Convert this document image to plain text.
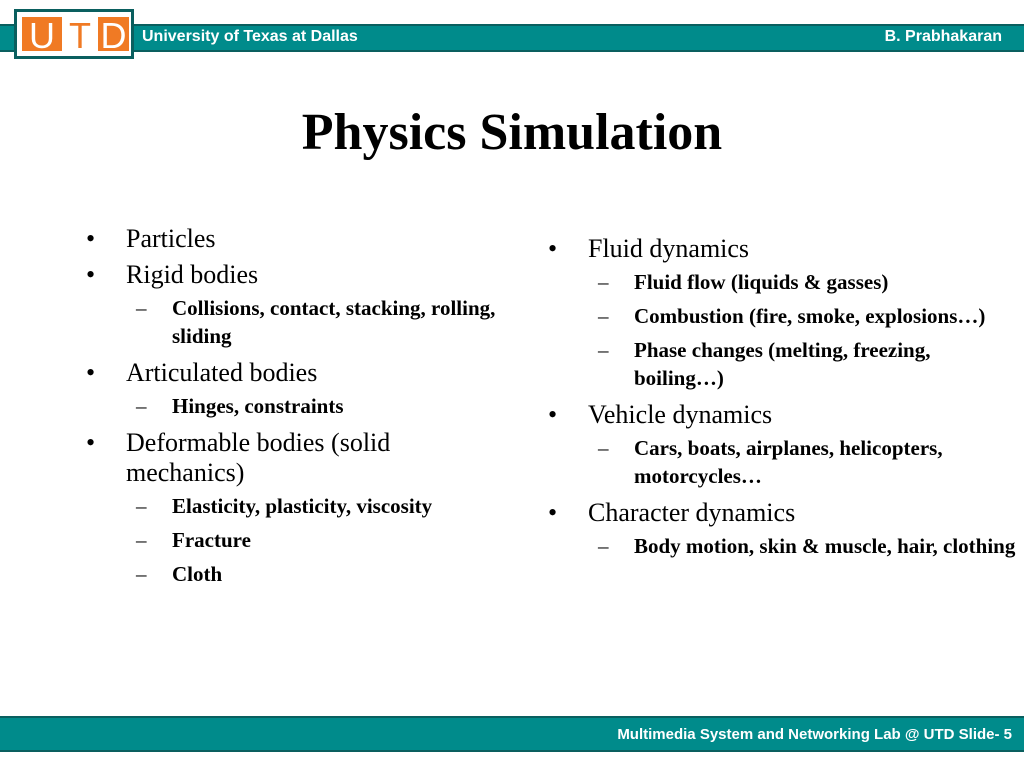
University of Texas at Dallas	B. Prabhakaran
U T D
Physics Simulation
• Particles
• Rigid bodies
– Collisions, contact, stacking, rolling, sliding
• Articulated bodies
– Hinges, constraints
• Deformable bodies (solid mechanics)
– Elasticity, plasticity, viscosity
– Fracture
– Cloth
• Fluid dynamics
– Fluid flow (liquids & gasses)
– Combustion (fire, smoke, explosions…)
– Phase changes (melting, freezing, boiling…)
• Vehicle dynamics
– Cars, boats, airplanes, helicopters, motorcycles…
• Character dynamics
– Body motion, skin & muscle, hair, clothing
Multimedia System and Networking Lab @ UTD Slide- 5
